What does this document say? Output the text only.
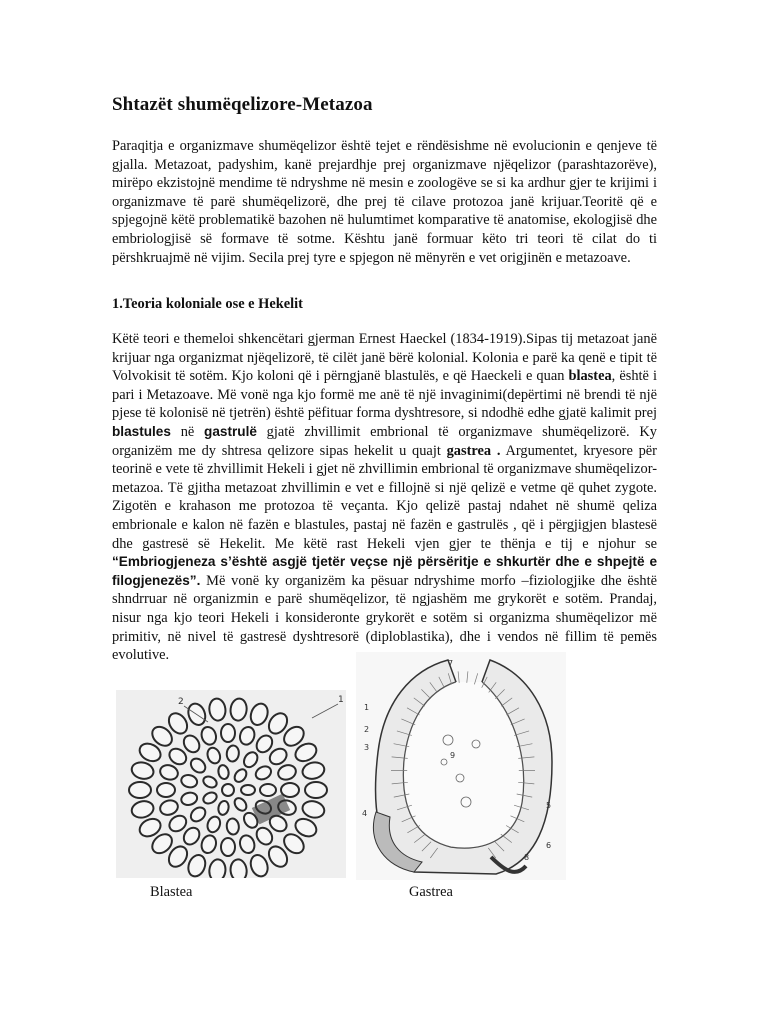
Shtazët shumëqelizore-Metazoa

Paraqitja e organizmave shumëqelizor është tejet e rëndësishme në evolucionin e qenjeve të gjalla. Metazoat, padyshim, kanë prejardhje prej organizmave njëqelizor (parashtazorëve), mirëpo ekzistojnë mendime të ndryshme në mesin e zoologëve se si ka ardhur gjer te krijimi i organizmave të parë shumëqelizorë, dhe prej të cilave protozoa janë krijuar.Teoritë që e spjegojnë këtë problematikë bazohen në hulumtimet komparative të anatomise, ekologjisë dhe embriologjisë së formave të sotme. Kështu janë formuar këto tri teori të cilat do ti përshkruajmë në vijim. Secila prej tyre e spjegon në mënyrën e vet origjinën e metazoave.

1.Teoria koloniale ose e Hekelit

Këtë teori e themeloi shkencëtari gjerman Ernest Haeckel (1834-1919).Sipas tij metazoat janë krijuar nga organizmat njëqelizorë, të cilët janë bërë kolonial. Kolonia e parë ka qenë e tipit të Volvokisit të sotëm. Kjo koloni që i përngjanë blastulës, e që Haeckeli e quan blastea, është i pari i Metazoave. Më vonë nga kjo formë me anë të një invaginimi(depërtimi në brendi të një pjese të kolonisë në tjetrën) është pëfituar forma dyshtresore, si ndodhë edhe gjatë kalimit prej blastules në gastrulë gjatë zhvillimit embrional të organizmave shumëqelizorë. Ky organizëm me dy shtresa qelizore sipas hekelit u quajt gastrea . Argumentet, kryesore për teorinë e vete të zhvillimit Hekeli i gjet në zhvillimin embrional të organizmave shumëqelizor-metazoa. Të gjitha metazoat zhvillimin e vet e fillojnë si një qelizë e vetme që quhet zygote. Zigotën e krahason me protozoa të veçanta. Kjo qelizë pastaj ndahet në shumë qeliza embrionale e kalon në fazën e blastules, pastaj në fazën e gastrulës , që i përgjigjen blastesë dhe gastresë së Hekelit. Me këtë rast Hekeli vjen gjer te thënja e tij e njohur se “Embriogjeneza s’është asgjë tjetër veçse një përsëritje e shkurtër dhe e shpejtë e filogjenezës”. Më vonë ky organizëm ka pësuar ndryshime morfo –fiziologjike dhe është shndrruar në organizmin e parë shumëqelizor, të ngjashëm me grykorët e sotëm. Prandaj, nisur nga kjo teori Hekeli i konsideronte grykorët e sotëm si organizma shumëqelizor më primitiv, në nivel të gastresë dyshtresorë (diploblastika), dhe i vendos në fillim të pemës evolutive.

2	1
7
1
2
3
9
4
5
6
8
Blastea	Gastrea
